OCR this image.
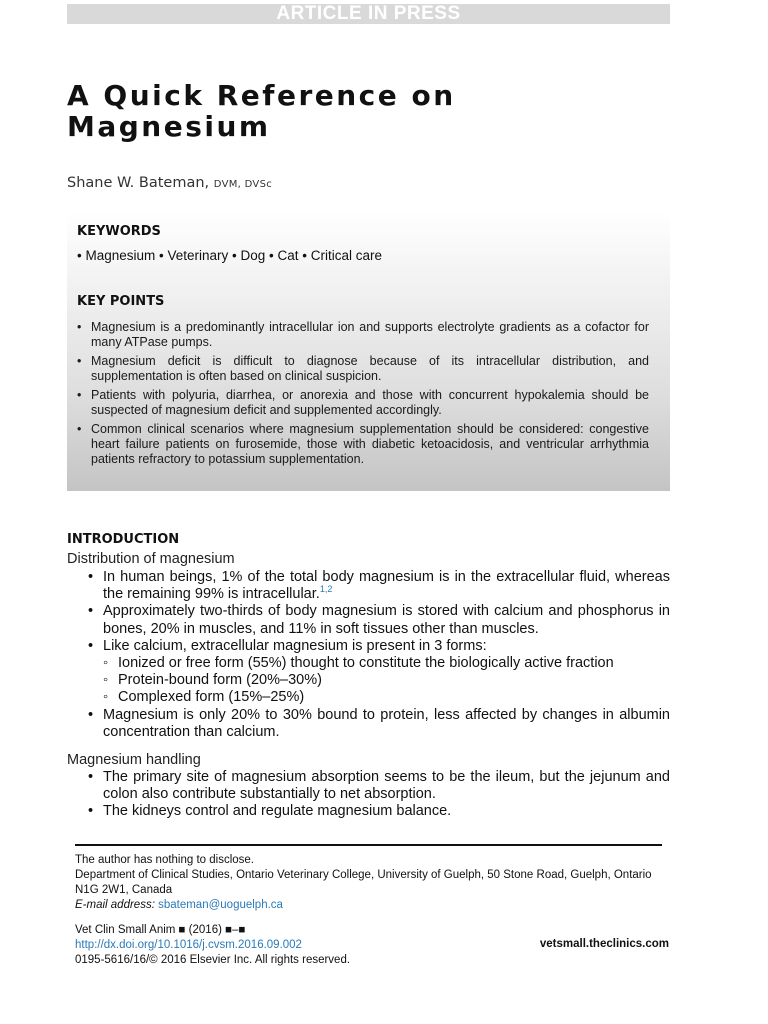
ARTICLE IN PRESS
A Quick Reference on
Magnesium
Shane W. Bateman, DVM, DVSc
KEYWORDS
• Magnesium • Veterinary • Dog • Cat • Critical care
KEY POINTS
• Magnesium is a predominantly intracellular ion and supports electrolyte gradients as a cofactor for many ATPase pumps.
• Magnesium deficit is difficult to diagnose because of its intracellular distribution, and supplementation is often based on clinical suspicion.
• Patients with polyuria, diarrhea, or anorexia and those with concurrent hypokalemia should be suspected of magnesium deficit and supplemented accordingly.
• Common clinical scenarios where magnesium supplementation should be considered: congestive heart failure patients on furosemide, those with diabetic ketoacidosis, and ventricular arrhythmia patients refractory to potassium supplementation.
INTRODUCTION
Distribution of magnesium
• In human beings, 1% of the total body magnesium is in the extracellular fluid, whereas the remaining 99% is intracellular.$^{1,2}$
• Approximately two-thirds of body magnesium is stored with calcium and phosphorus in bones, 20% in muscles, and 11% in soft tissues other than muscles.
• Like calcium, extracellular magnesium is present in 3 forms:
◦ Ionized or free form (55%) thought to constitute the biologically active fraction
◦ Protein-bound form (20%–30%)
◦ Complexed form (15%–25%)
• Magnesium is only 20% to 30% bound to protein, less affected by changes in albumin concentration than calcium.
Magnesium handling
• The primary site of magnesium absorption seems to be the ileum, but the jejunum and colon also contribute substantially to net absorption.
• The kidneys control and regulate magnesium balance.
The author has nothing to disclose.
Department of Clinical Studies, Ontario Veterinary College, University of Guelph, 50 Stone Road, Guelph, Ontario N1G 2W1, Canada
E-mail address: sbateman@uoguelph.ca
Vet Clin Small Anim ■ (2016) ■–■
http://dx.doi.org/10.1016/j.cvsm.2016.09.002
0195-5616/16/© 2016 Elsevier Inc. All rights reserved.
vetsmall.theclinics.com
